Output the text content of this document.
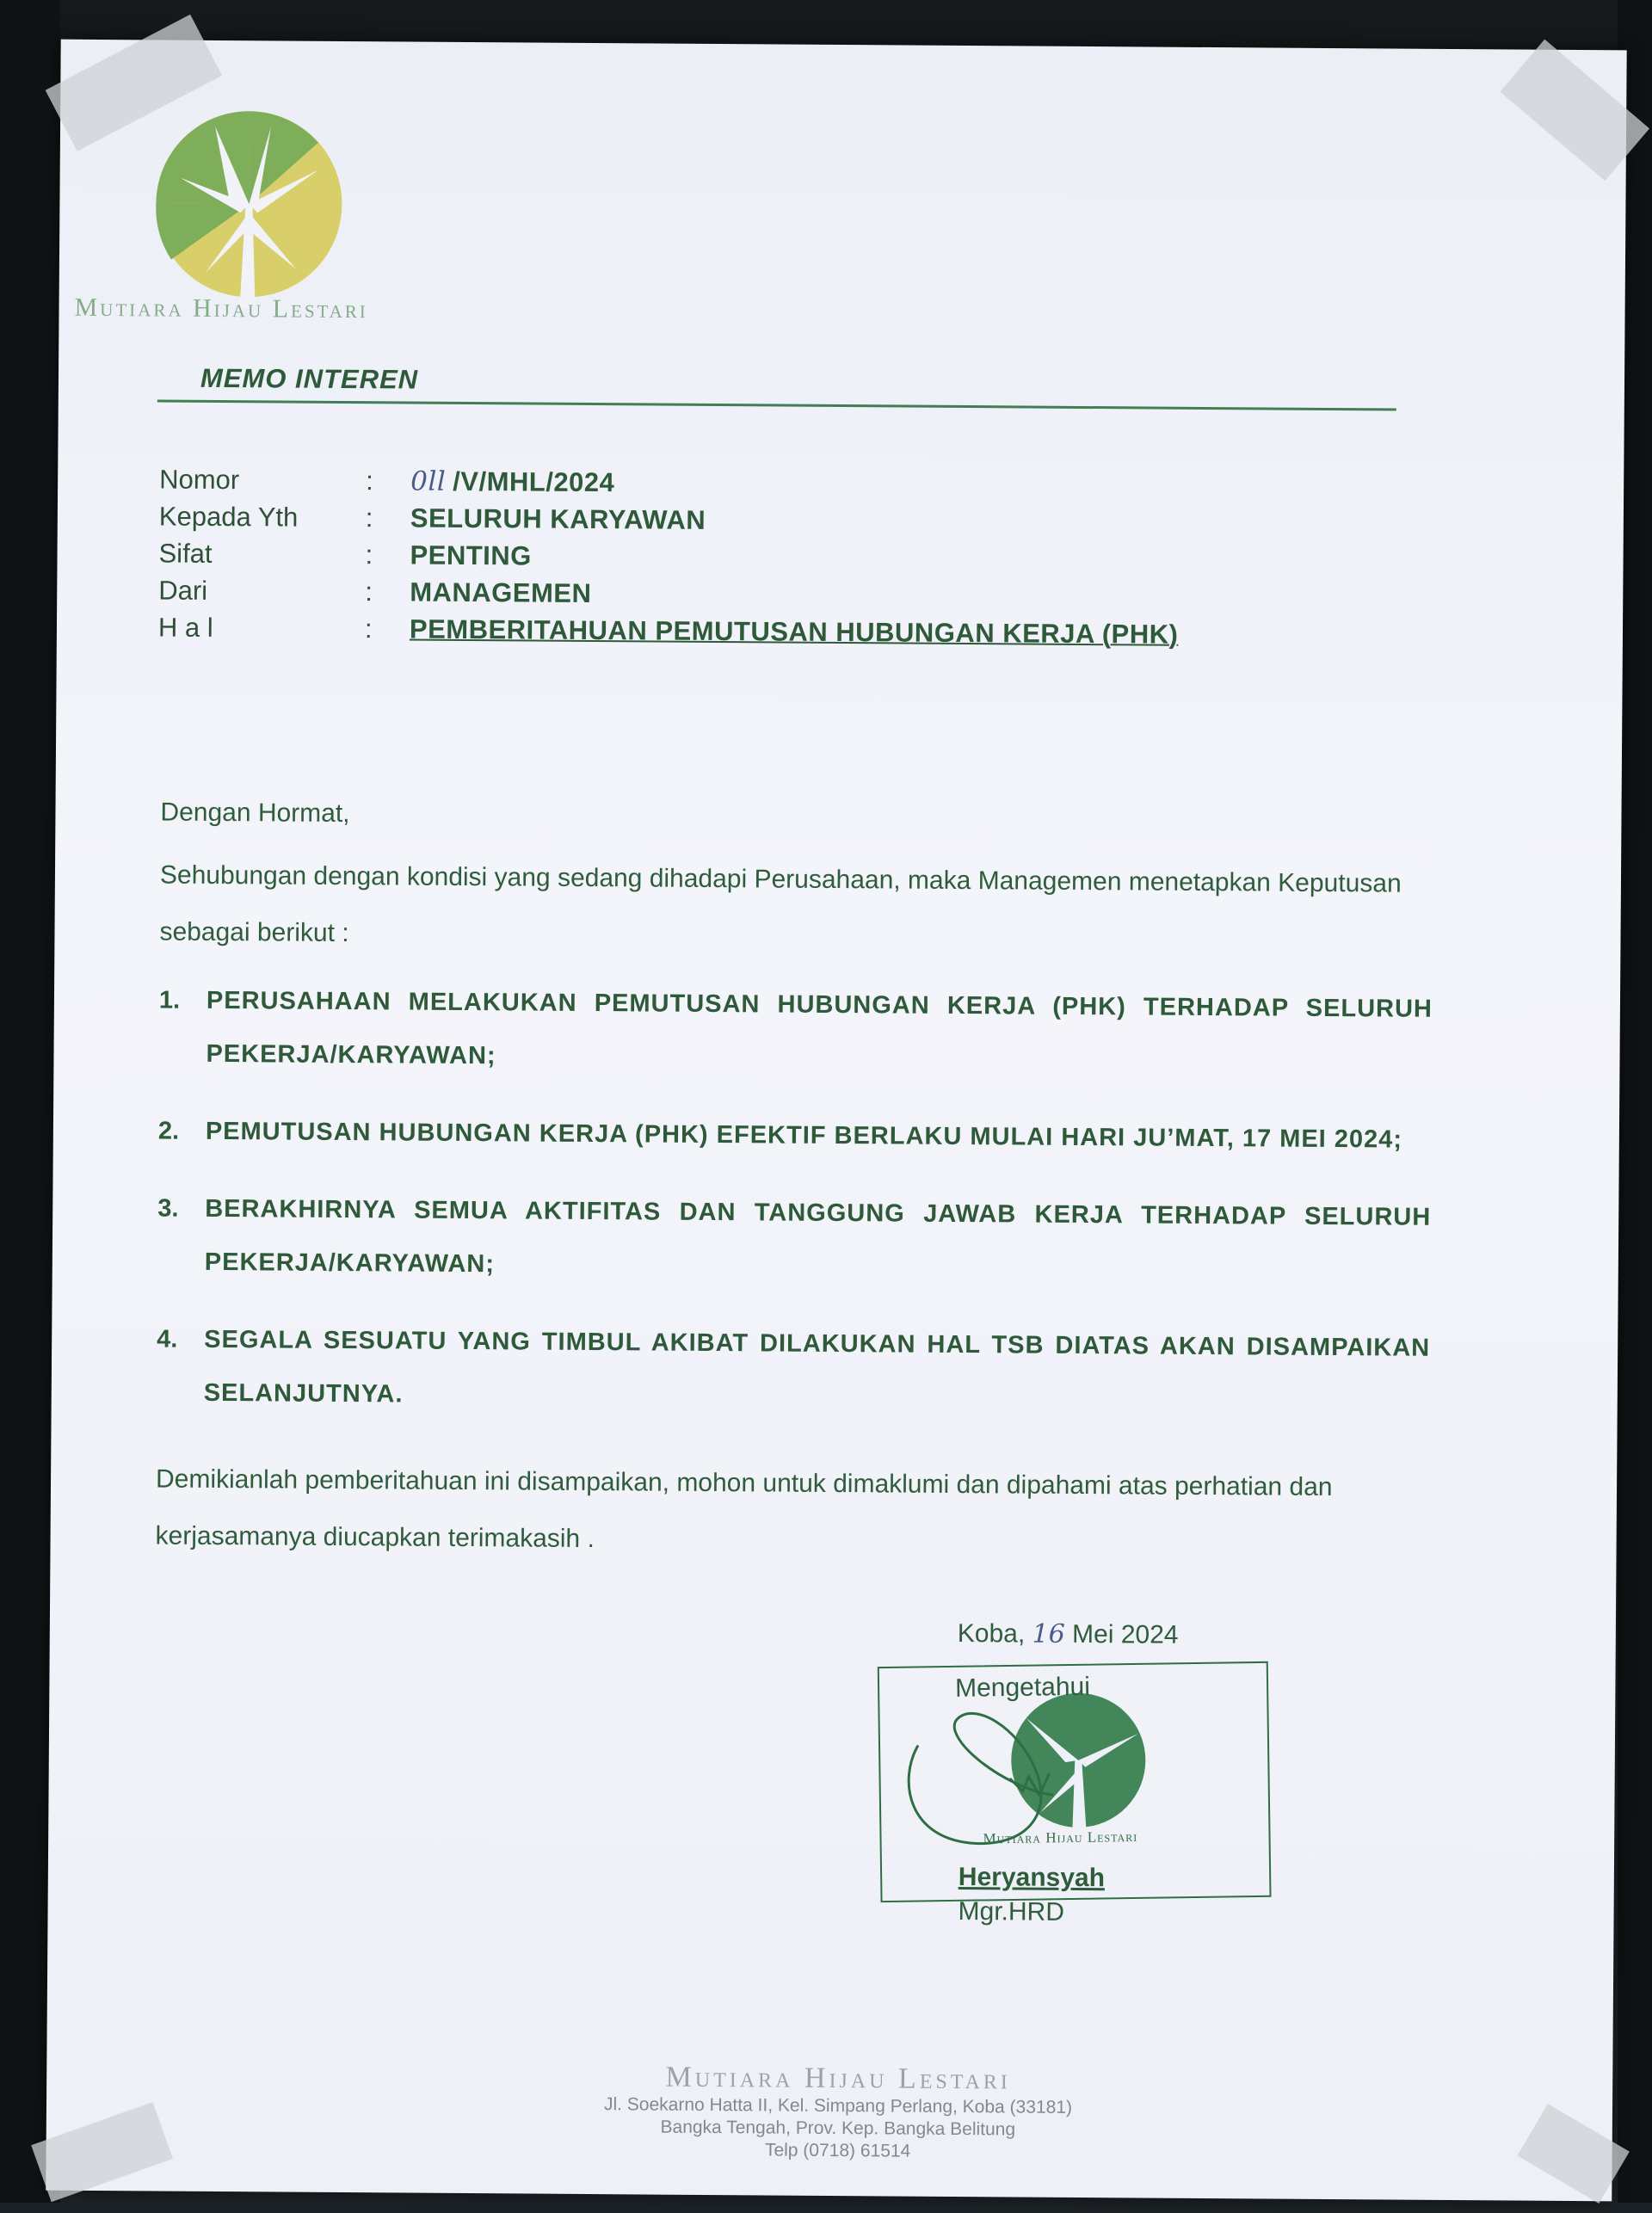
Mutiara Hijau Lestari
MEMO INTEREN
Nomor	: 0ll /V/MHL/2024
Kepada Yth	: SELURUH KARYAWAN
Sifat	: PENTING
Dari	: MANAGEMEN
H a l	: PEMBERITAHUAN PEMUTUSAN HUBUNGAN KERJA (PHK)
Dengan Hormat,
Sehubungan dengan kondisi yang sedang dihadapi Perusahaan, maka Managemen menetapkan Keputusan sebagai berikut :
1. PERUSAHAAN MELAKUKAN PEMUTUSAN HUBUNGAN KERJA (PHK) TERHADAP SELURUH PEKERJA/KARYAWAN;
2. PEMUTUSAN HUBUNGAN KERJA (PHK) EFEKTIF BERLAKU MULAI HARI JU’MAT, 17 MEI 2024;
3. BERAKHIRNYA SEMUA AKTIFITAS DAN TANGGUNG JAWAB KERJA TERHADAP SELURUH PEKERJA/KARYAWAN;
4. SEGALA SESUATU YANG TIMBUL AKIBAT DILAKUKAN HAL TSB DIATAS AKAN DISAMPAIKAN SELANJUTNYA.
Demikianlah pemberitahuan ini disampaikan, mohon untuk dimaklumi dan dipahami atas perhatian dan kerjasamanya diucapkan terimakasih .
Koba, 16 Mei 2024
Mengetahui
Mutiara Hijau Lestari
Heryansyah
Mgr.HRD
Mutiara Hijau Lestari
Jl. Soekarno Hatta II, Kel. Simpang Perlang, Koba (33181)
Bangka Tengah, Prov. Kep. Bangka Belitung
Telp (0718) 61514
